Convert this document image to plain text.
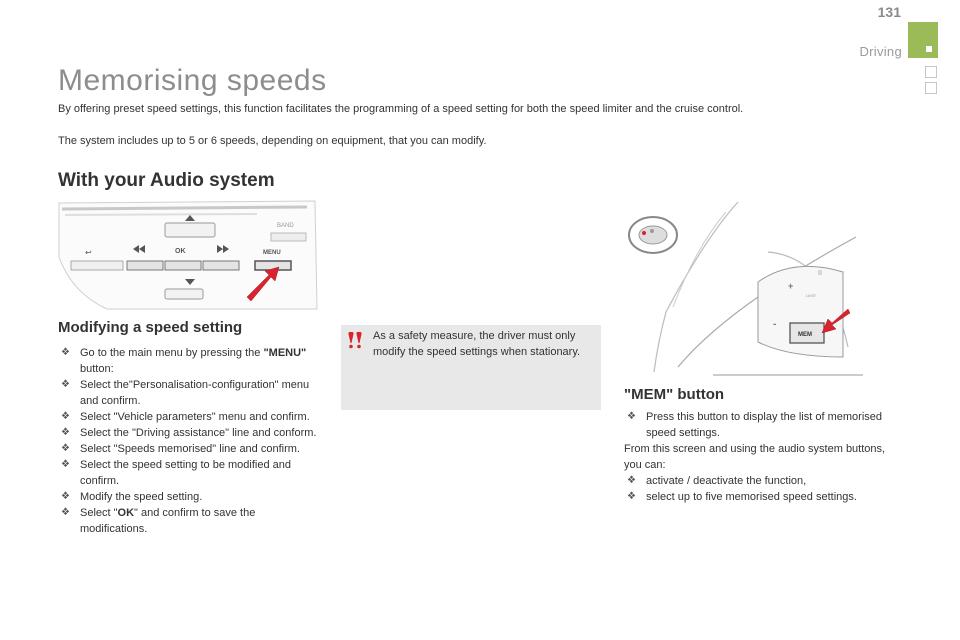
131
Driving
Memorising speeds
By offering preset speed settings, this function facilitates the programming of a speed setting for both the speed limiter and the cruise control.
The system includes up to 5 or 6 speeds, depending on equipment, that you can modify.
With your Audio system
BAND
↩	OK	MENU
Modifying a speed setting
❖ Go to the main menu by pressing the "MENU" button:
❖ Select the"Personalisation-configuration" menu and confirm.
❖ Select "Vehicle parameters" menu and confirm.
❖ Select the "Driving assistance" line and conform.
❖ Select "Speeds memorised" line and confirm.
❖ Select the speed setting to be modified and confirm.
❖ Modify the speed setting.
❖ Select "OK" and confirm to save the modifications.
As a safety measure, the driver must only modify the speed settings when stationary.
+
II
LIMIT
-
MEM
"MEM" button
❖ Press this button to display the list of memorised speed settings.
From this screen and using the audio system buttons, you can:
❖ activate / deactivate the function,
❖ select up to five memorised speed settings.
